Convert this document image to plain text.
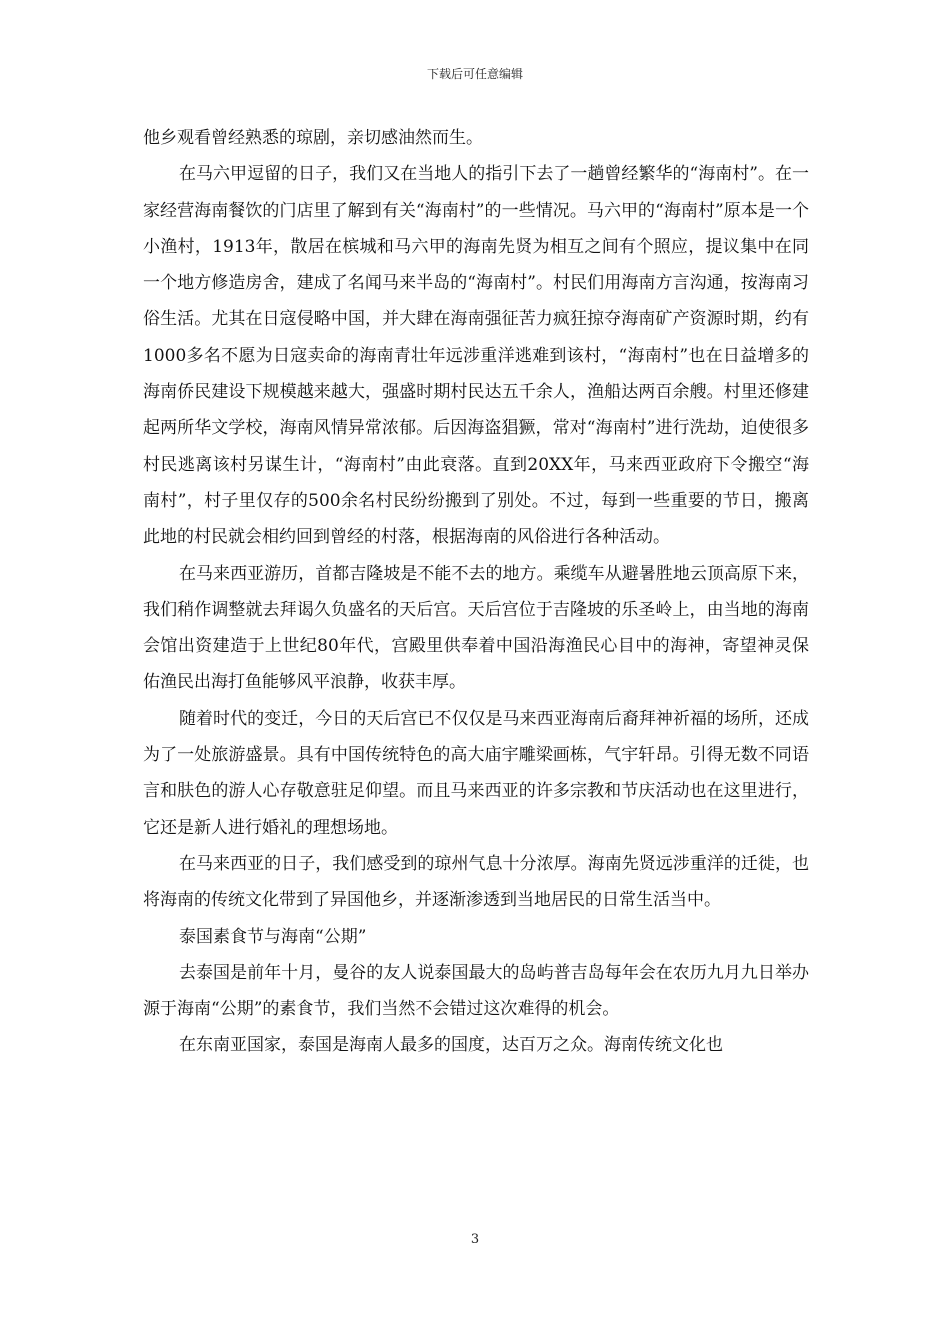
下载后可任意编辑

他乡观看曾经熟悉的琼剧，亲切感油然而生。

在马六甲逗留的日子，我们又在当地人的指引下去了一趟曾经繁华的“海南村”。在一家经营海南餐饮的门店里了解到有关“海南村”的一些情况。马六甲的“海南村”原本是一个小渔村，1913年，散居在槟城和马六甲的海南先贤为相互之间有个照应，提议集中在同一个地方修造房舍，建成了名闻马来半岛的“海南村”。村民们用海南方言沟通，按海南习俗生活。尤其在日寇侵略中国，并大肆在海南强征苦力疯狂掠夺海南矿产资源时期，约有1000多名不愿为日寇卖命的海南青壮年远涉重洋逃难到该村，“海南村”也在日益增多的海南侨民建设下规模越来越大，强盛时期村民达五千余人，渔船达两百余艘。村里还修建起两所华文学校，海南风情异常浓郁。后因海盗猖獗，常对“海南村”进行洗劫，迫使很多村民逃离该村另谋生计，“海南村”由此衰落。直到20XX年，马来西亚政府下令搬空“海南村”，村子里仅存的500余名村民纷纷搬到了别处。不过，每到一些重要的节日，搬离此地的村民就会相约回到曾经的村落，根据海南的风俗进行各种活动。

在马来西亚游历，首都吉隆坡是不能不去的地方。乘缆车从避暑胜地云顶高原下来，我们稍作调整就去拜谒久负盛名的天后宫。天后宫位于吉隆坡的乐圣岭上，由当地的海南会馆出资建造于上世纪80年代，宫殿里供奉着中国沿海渔民心目中的海神，寄望神灵保佑渔民出海打鱼能够风平浪静，收获丰厚。

随着时代的变迁，今日的天后宫已不仅仅是马来西亚海南后裔拜神祈福的场所，还成为了一处旅游盛景。具有中国传统特色的高大庙宇雕梁画栋，气宇轩昂。引得无数不同语言和肤色的游人心存敬意驻足仰望。而且马来西亚的许多宗教和节庆活动也在这里进行，它还是新人进行婚礼的理想场地。

在马来西亚的日子，我们感受到的琼州气息十分浓厚。海南先贤远涉重洋的迁徙，也将海南的传统文化带到了异国他乡，并逐渐渗透到当地居民的日常生活当中。

泰国素食节与海南“公期”

去泰国是前年十月，曼谷的友人说泰国最大的岛屿普吉岛每年会在农历九月九日举办源于海南“公期”的素食节，我们当然不会错过这次难得的机会。

在东南亚国家，泰国是海南人最多的国度，达百万之众。海南传统文化也

3
